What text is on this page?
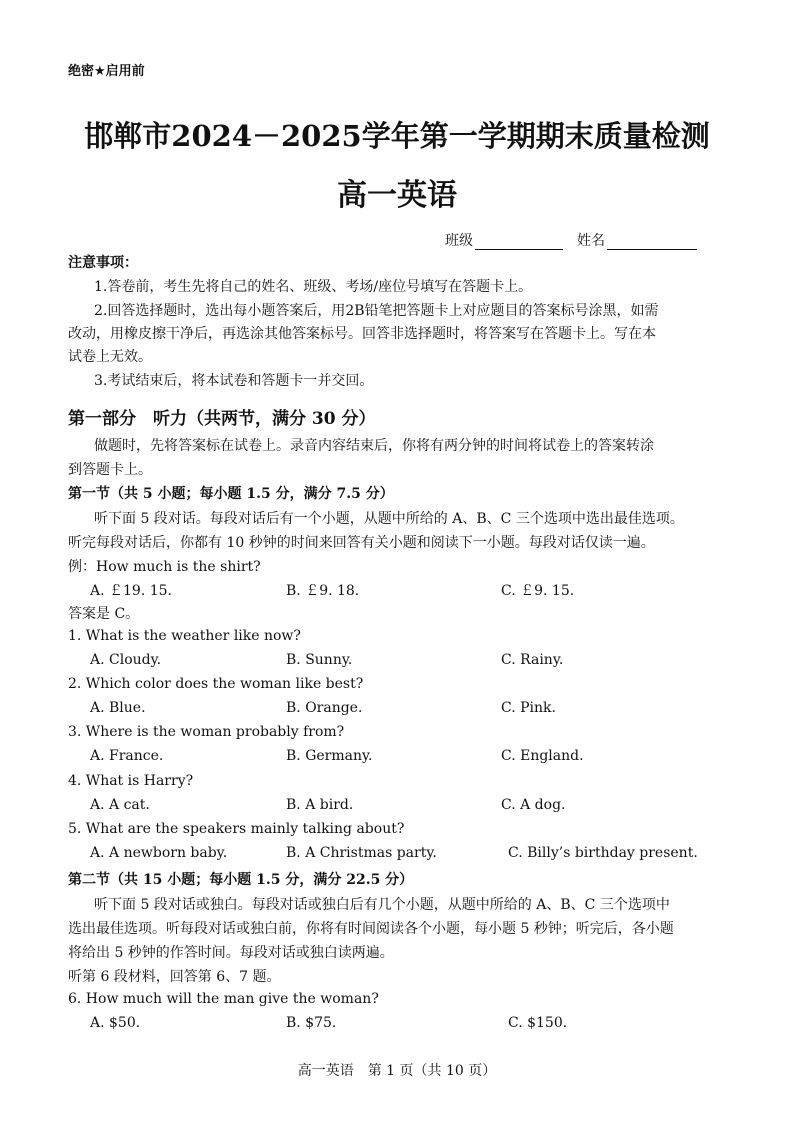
绝密★启用前
邯郸市2024－2025学年第一学期期末质量检测
高一英语
班级	姓名
注意事项：
1.答卷前，考生先将自己的姓名、班级、考场/座位号填写在答题卡上。
2.回答选择题时，选出每小题答案后，用2B铅笔把答题卡上对应题目的答案标号涂黑，如需
改动，用橡皮擦干净后，再选涂其他答案标号。回答非选择题时，将答案写在答题卡上。写在本
试卷上无效。
3.考试结束后，将本试卷和答题卡一并交回。
第一部分　听力（共两节，满分 30 分）
做题时，先将答案标在试卷上。录音内容结束后，你将有两分钟的时间将试卷上的答案转涂
到答题卡上。
第一节（共 5 小题；每小题 1.5 分，满分 7.5 分）
听下面 5 段对话。每段对话后有一个小题，从题中所给的 A、B、C 三个选项中选出最佳选项。
听完每段对话后，你都有 10 秒钟的时间来回答有关小题和阅读下一小题。每段对话仅读一遍。
例：How much is the shirt?
A. ￡19. 15.	B. ￡9. 18.	C. ￡9. 15.
答案是 C。
1. What is the weather like now?
A. Cloudy.	B. Sunny.	C. Rainy.
2. Which color does the woman like best?
A. Blue.	B. Orange.	C. Pink.
3. Where is the woman probably from?
A. France.	B. Germany.	C. England.
4. What is Harry?
A. A cat.	B. A bird.	C. A dog.
5. What are the speakers mainly talking about?
A. A newborn baby.	B. A Christmas party.	C. Billy’s birthday present.
第二节（共 15 小题；每小题 1.5 分，满分 22.5 分）
听下面 5 段对话或独白。每段对话或独白后有几个小题，从题中所给的 A、B、C 三个选项中
选出最佳选项。听每段对话或独白前，你将有时间阅读各个小题，每小题 5 秒钟；听完后，各小题
将给出 5 秒钟的作答时间。每段对话或独白读两遍。
听第 6 段材料，回答第 6、7 题。
6. How much will the man give the woman?
A. $50.	B. $75.	C. $150.
高一英语　第 1 页（共 10 页）
